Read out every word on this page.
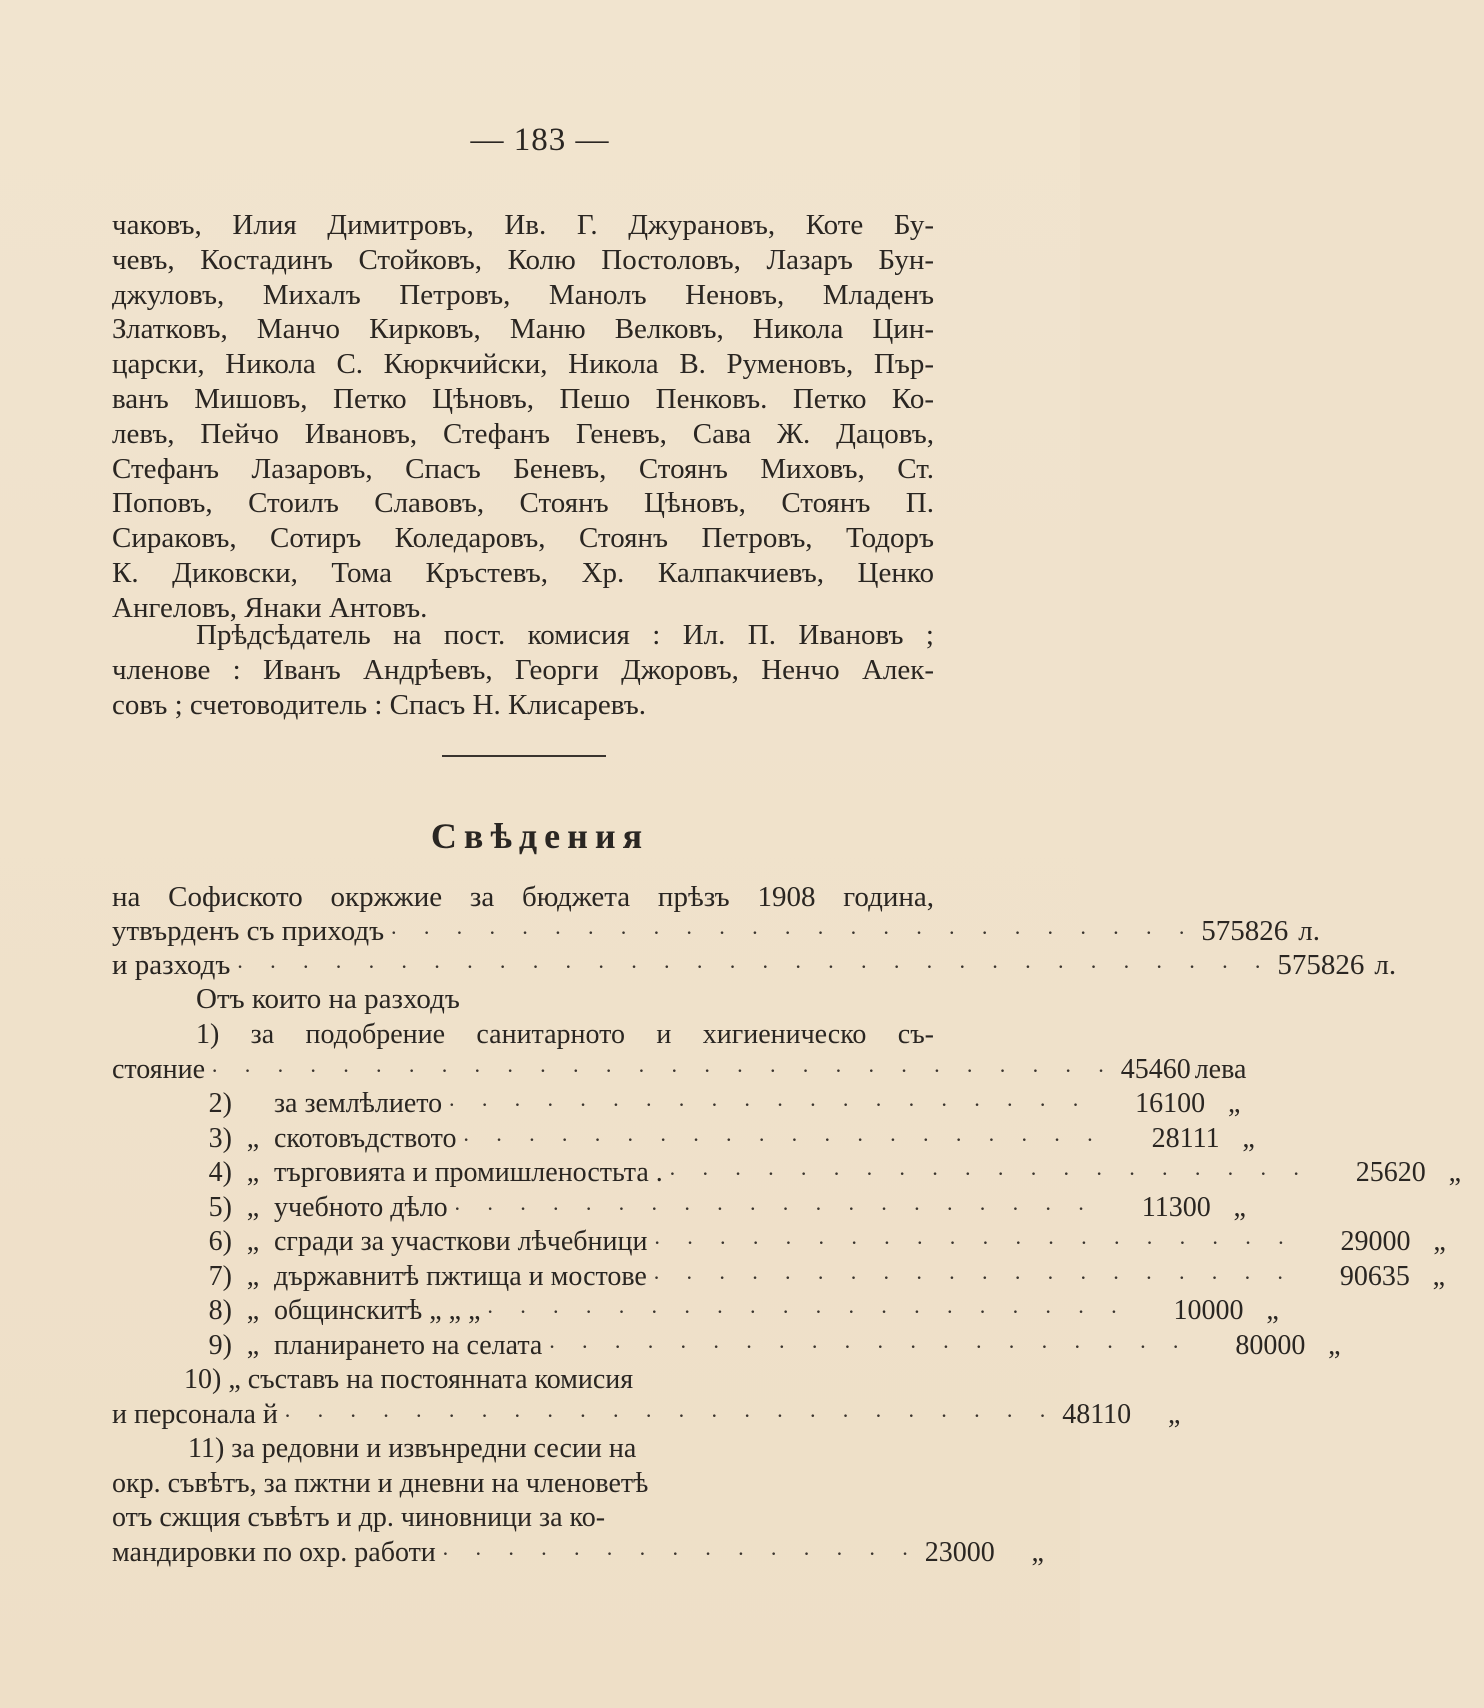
— 183 —
чаковъ, Илия Димитровъ, Ив. Г. Джурановъ, Коте Бу-
чевъ, Костадинъ Стойковъ, Колю Постоловъ, Лазаръ Бун-
джуловъ, Михалъ Петровъ, Манолъ Неновъ, Младенъ
Златковъ, Манчо Кирковъ, Маню Велковъ, Никола Цин-
царски, Никола С. Кюркчийски, Никола В. Руменовъ, Пър-
ванъ Мишовъ, Петко Цѣновъ, Пешо Пенковъ. Петко Ко-
левъ, Пейчо Ивановъ, Стефанъ Геневъ, Сава Ж. Дацовъ,
Стефанъ Лазаровъ, Спасъ Беневъ, Стоянъ Миховъ, Ст.
Поповъ, Стоилъ Славовъ, Стоянъ Цѣновъ, Стоянъ П.
Сираковъ, Сотиръ Коледаровъ, Стоянъ Петровъ, Тодоръ
К. Диковски, Тома Кръстевъ, Хр. Калпакчиевъ, Ценко
Ангеловъ, Янаки Антовъ.
Прѣдсѣдатель на пост. комисия : Ил. П. Ивановъ ;
членове : Иванъ Андрѣевъ, Георги Джоровъ, Ненчо Алек-
совъ ; счетоводитель : Спасъ Н. Клисаревъ.
Свѣдения
на Софиското окржжие за бюджета прѣзъ 1908 година,
утвърденъ съ приходъ · · · · · · · · · · · · · · · · · · · · · · · · · 575826 л.
и разходъ · · · · · · · · · · · · · · · · · · · · · · · · · · · · · · · · 575826 л.
Отъ които на разходъ
1) за подобрение санитарното и хигиеническо съ-
стояние · · · · · · · · · · · · · · · · · · · · · · · · · · · · 45460 лева
2) за землѣлието · · · · · · · · · · · · · · · · · · · ·	16100 „
3) „ скотовъдството · · · · · · · · · · · · · · · · · · · ·	28111 „
4) „ търговията и промишленостьта . · · · · · · · · · · · · · · · · · · · ·	25620 „
5) „ учебното дѣло · · · · · · · · · · · · · · · · · · · ·	11300 „
6) „ сгради за участкови лѣчебници · · · · · · · · · · · · · · · · · · · ·	29000 „
7) „ държавнитѣ пжтища и мостове · · · · · · · · · · · · · · · · · · · ·	90635 „
8) „ общинскитѣ „ „ „ · · · · · · · · · · · · · · · · · · · ·	10000 „
9) „ планирането на селата · · · · · · · · · · · · · · · · · · · ·	80000 „
10) „ съставъ на постоянната комисия
и персонала й · · · · · · · · · · · · · · · · · · · · · · · · 48110	„
11) за редовни и извънредни сесии на
окр. съвѣтъ, за пжтни и дневни на членоветѣ
отъ сжщия съвѣтъ и др. чиновници за ко-
мандировки по охр. работи · · · · · · · · · · · · · · · 23000	„
